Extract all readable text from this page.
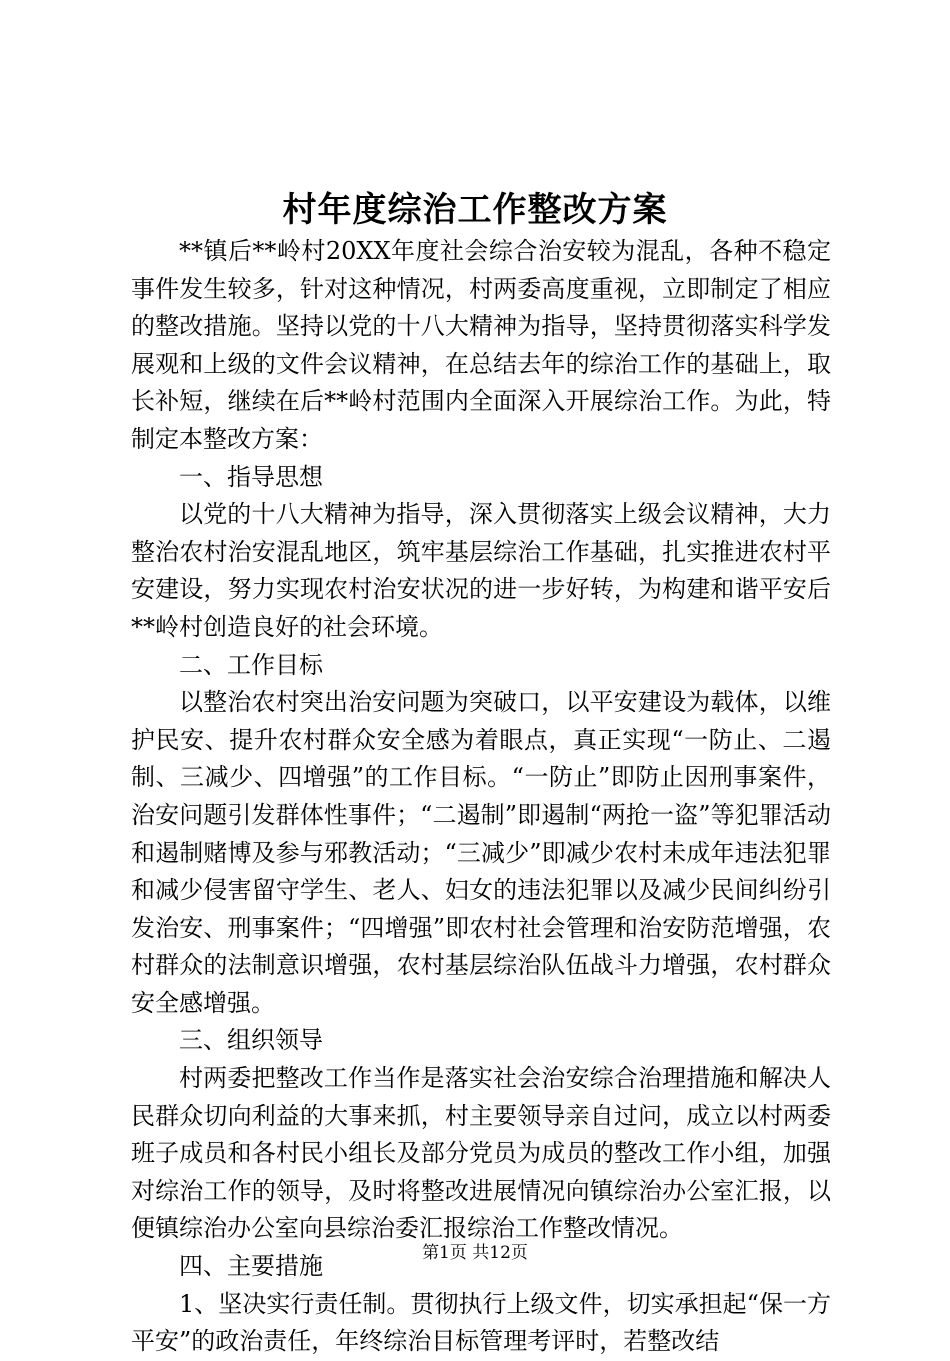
村年度综治工作整改方案

**镇后**岭村20XX年度社会综合治安较为混乱，各种不稳定事件发生较多，针对这种情况，村两委高度重视，立即制定了相应的整改措施。坚持以党的十八大精神为指导，坚持贯彻落实科学发展观和上级的文件会议精神，在总结去年的综治工作的基础上，取长补短，继续在后**岭村范围内全面深入开展综治工作。为此，特制定本整改方案：

一、指导思想

以党的十八大精神为指导，深入贯彻落实上级会议精神，大力整治农村治安混乱地区，筑牢基层综治工作基础，扎实推进农村平安建设，努力实现农村治安状况的进一步好转，为构建和谐平安后**岭村创造良好的社会环境。

二、工作目标

以整治农村突出治安问题为突破口，以平安建设为载体，以维护民安、提升农村群众安全感为着眼点，真正实现“一防止、二遏制、三减少、四增强”的工作目标。“一防止”即防止因刑事案件，治安问题引发群体性事件；“二遏制”即遏制“两抢一盗”等犯罪活动和遏制赌博及参与邪教活动；“三减少”即减少农村未成年违法犯罪和减少侵害留守学生、老人、妇女的违法犯罪以及减少民间纠纷引发治安、刑事案件；“四增强”即农村社会管理和治安防范增强，农村群众的法制意识增强，农村基层综治队伍战斗力增强，农村群众安全感增强。

三、组织领导

村两委把整改工作当作是落实社会治安综合治理措施和解决人民群众切向利益的大事来抓，村主要领导亲自过问，成立以村两委班子成员和各村民小组长及部分党员为成员的整改工作小组，加强对综治工作的领导，及时将整改进展情况向镇综治办公室汇报，以便镇综治办公室向县综治委汇报综治工作整改情况。

四、主要措施

1、坚决实行责任制。贯彻执行上级文件，切实承担起“保一方平安”的政治责任，年终综治目标管理考评时，若整改结

第1页 共12页
